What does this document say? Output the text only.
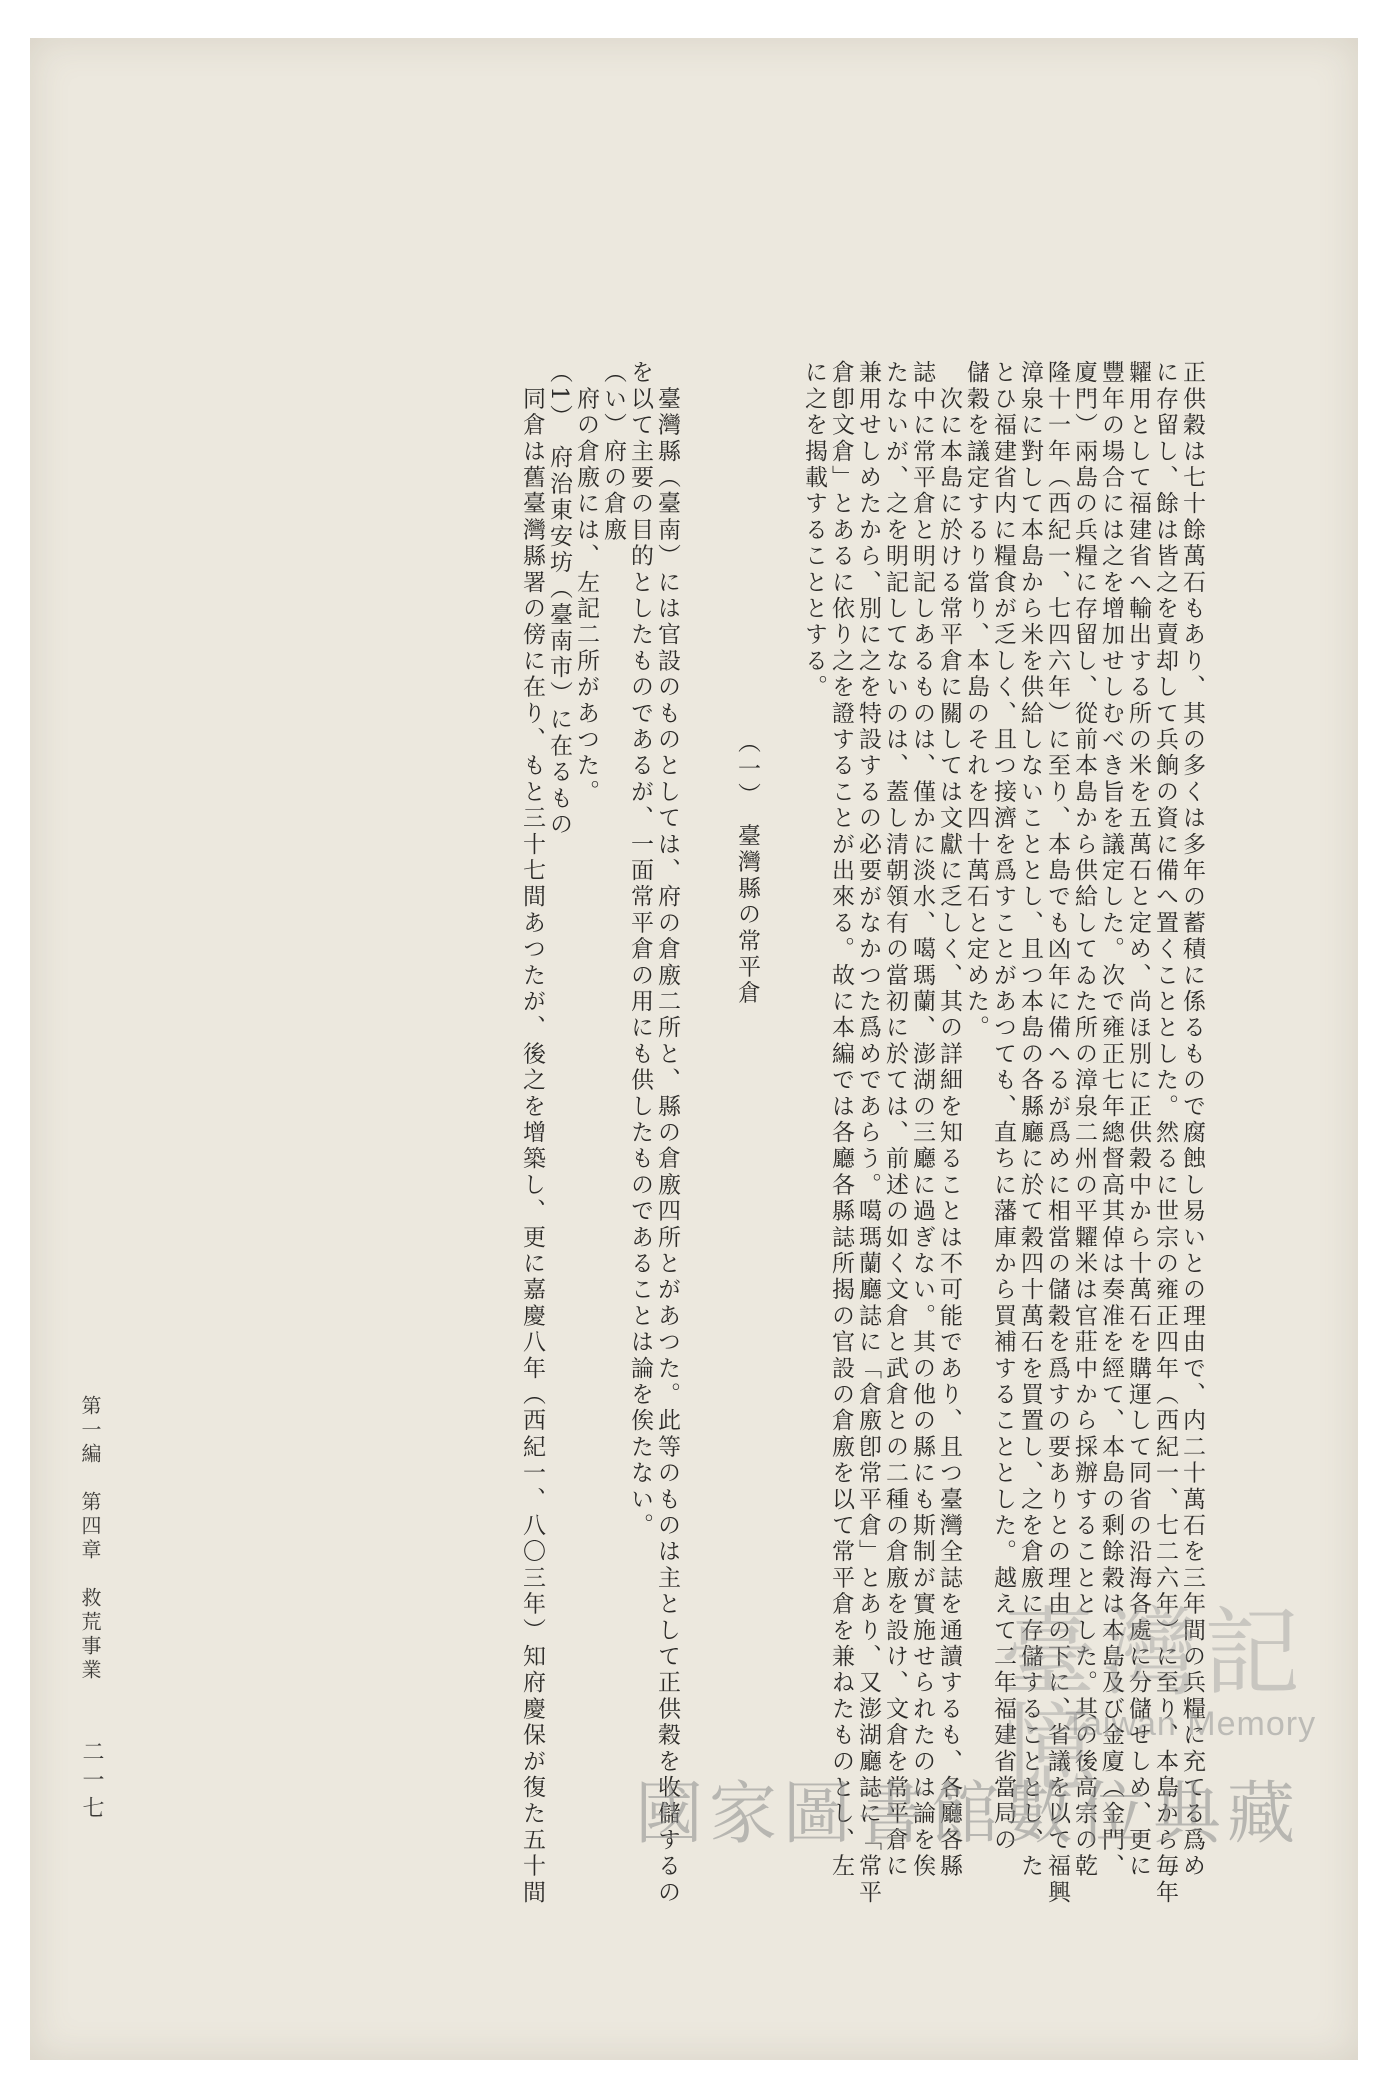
正供穀は七十餘萬石もあり、其の多くは多年の蓄積に係るもので腐蝕し易いとの理由で、内二十萬石を三年間の兵糧に充てる爲め
に存留し、餘は皆之を賣却して兵餉の資に備へ置くこととした。然るに世宗の雍正四年（西紀一、七二六年）に至り、本島から毎年
糶用として福建省へ輸出する所の米を五萬石と定め、尚ほ別に正供穀中から十萬石を購運して同省の沿海各處に分儲せしめ、更に
豐年の場合には之を增加せしむべき旨を議定した。次で雍正七年總督高其倬は奏准を經て、本島の剩餘穀は本島及び金廈（金門、
廈門）兩島の兵糧に存留し、從前本島から供給してゐた所の漳泉二州の平糶米は官莊中から採辦することとした。其の後高宗の乾
隆十一年（西紀一、七四六年）に至り、本島でも凶年に備へるが爲めに相當の儲穀を爲すの要ありとの理由の下に、省議を以て福興
漳泉に對して本島から米を供給しないこととし、且つ本島の各縣廳に於て穀四十萬石を買置し、之を倉廒に存儲することとし、た
とひ福建省内に糧食が乏しく、且つ接濟を爲すことがあつても、直ちに藩庫から買補することとした。越えて二年福建省當局の
儲穀を議定するり當り、本島のそれを四十萬石と定めた。
　次に本島に於ける常平倉に關しては文獻に乏しく、其の詳細を知ることは不可能であり、且つ臺灣全誌を通讀するも、各廳各縣
誌中に常平倉と明記しあるものは、僅かに淡水、噶瑪蘭、澎湖の三廳に過ぎない。其の他の縣にも斯制が實施せられたのは論を俟
たないが、之を明記してないのは、蓋し清朝領有の當初に於ては、前述の如く文倉と武倉との二種の倉廒を設け、文倉を常平倉に
兼用せしめたから、別に之を特設するの必要がなかつた爲めであらう。噶瑪蘭廳誌に「倉廒卽常平倉」とあり、又澎湖廳誌に「常平
倉卽文倉」とあるに依り之を證することが出來る。故に本編では各廳各縣誌所揭の官設の倉廒を以て常平倉を兼ねたものとし、左
に之を揭載することとする。
（一）　臺灣縣の常平倉
　臺灣縣（臺南）には官設のものとしては、府の倉廒二所と、縣の倉廒四所とがあつた。此等のものは主として正供穀を收儲するの
を以て主要の目的としたものであるが、一面常平倉の用にも供したものであることは論を俟たない。
（い）府の倉廒
　府の倉廒には、左記二所があつた。
（1）　府治東安坊（臺南市）に在るもの
　同倉は舊臺灣縣署の傍に在り、もと三十七間あつたが、後之を增築し、更に嘉慶八年（西紀一、八〇三年）知府慶保が復た五十間
第一編　第四章　救荒事業
二一七
臺灣記憶
Taiwan Memory
國家圖書館數位典藏
